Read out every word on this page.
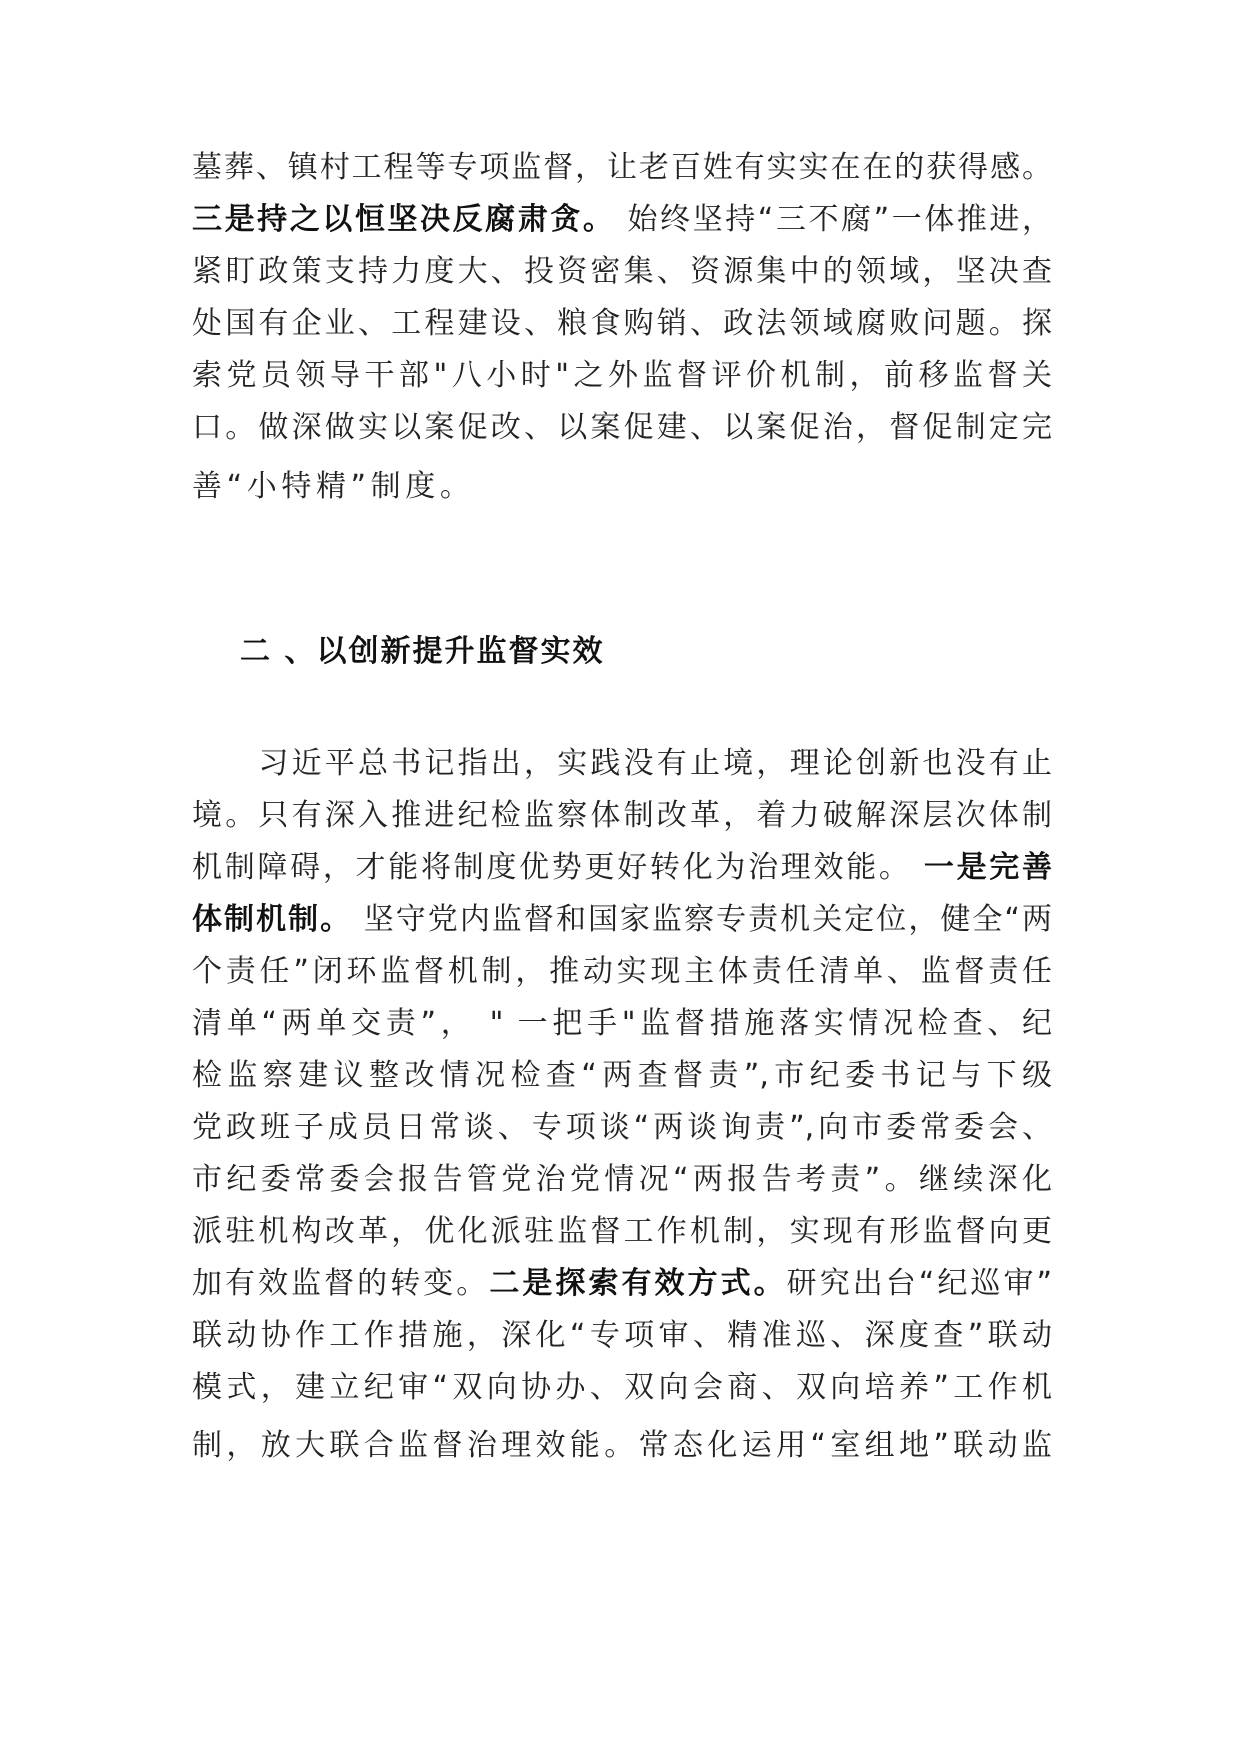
墓葬、镇村工程等专项监督，让老百姓有实实在在的获得感。
三是持之以恒坚决反腐肃贪。 始终坚持“三不腐”一体推进，
紧盯政策支持力度大、投资密集、资源集中的领域，坚决查
处国有企业、工程建设、粮食购销、政法领域腐败问题。探
索党员领导干部"八小时"之外监督评价机制，前移监督关
口。做深做实以案促改、以案促建、以案促治，督促制定完
善“小特精”制度。
二 、以创新提升监督实效
　　习近平总书记指出，实践没有止境，理论创新也没有止
境。只有深入推进纪检监察体制改革，着力破解深层次体制
机制障碍，才能将制度优势更好转化为治理效能。 一是完善
体制机制。 坚守党内监督和国家监察专责机关定位，健全“两
个责任”闭环监督机制，推动实现主体责任清单、监督责任
清单“两单交责”， " 一把手"监督措施落实情况检查、纪
检监察建议整改情况检查“两查督责”,市纪委书记与下级
党政班子成员日常谈、专项谈“两谈询责”,向市委常委会、
市纪委常委会报告管党治党情况“两报告考责”。继续深化
派驻机构改革，优化派驻监督工作机制，实现有形监督向更
加有效监督的转变。二是探索有效方式。研究出台“纪巡审”
联动协作工作措施，深化“专项审、精准巡、深度查”联动
模式，建立纪审“双向协办、双向会商、双向培养”工作机
制，放大联合监督治理效能。常态化运用“室组地”联动监
